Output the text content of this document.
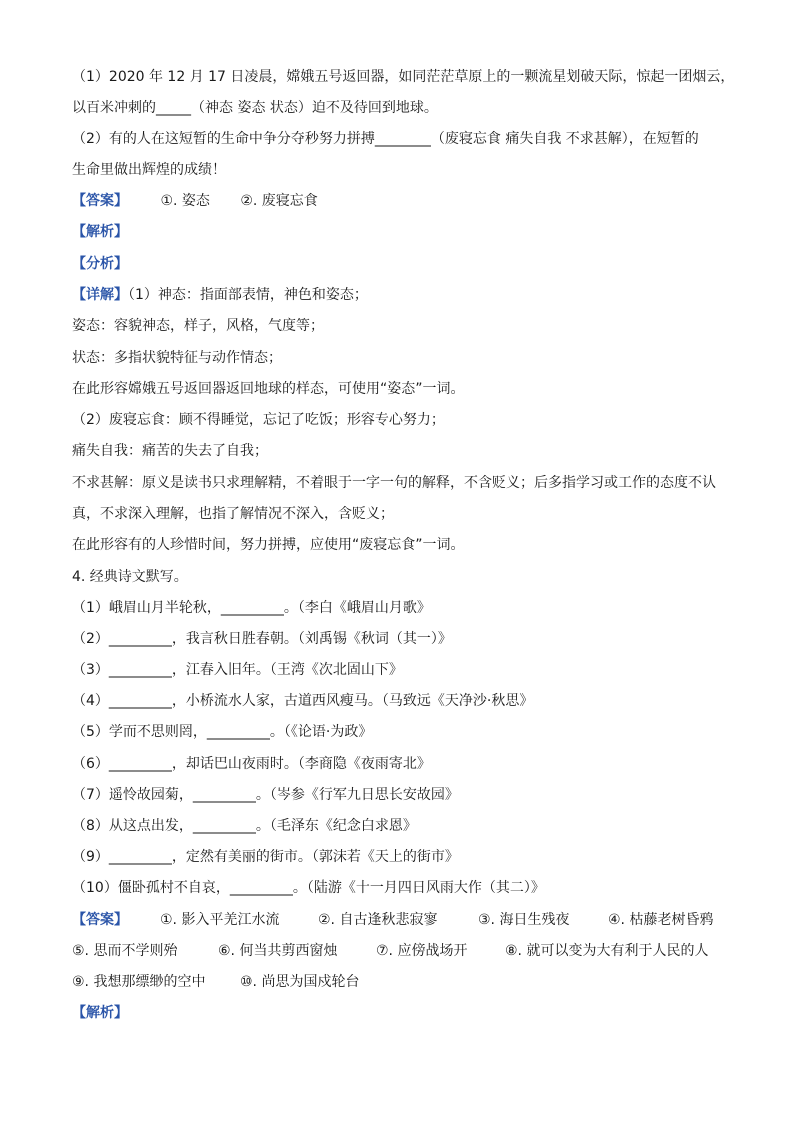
（1）2020 年 12 月 17 日凌晨，嫦娥五号返回器，如同茫茫草原上的一颗流星划破天际，惊起一团烟云，
以百米冲刺的_____（神态 姿态 状态）迫不及待回到地球。
（2）有的人在这短暂的生命中争分夺秒努力拼搏________（废寝忘食 痛失自我 不求甚解），在短暂的
生命里做出辉煌的成绩！
【答案】 ①. 姿态 ②. 废寝忘食
【解析】
【分析】
【详解】（1）神态：指面部表情，神色和姿态；
姿态：容貌神态，样子，风格，气度等；
状态：多指状貌特征与动作情态；
在此形容嫦娥五号返回器返回地球的样态，可使用“姿态”一词。
（2）废寝忘食：顾不得睡觉，忘记了吃饭；形容专心努力；
痛失自我：痛苦的失去了自我；
不求甚解：原义是读书只求理解精，不着眼于一字一句的解释，不含贬义；后多指学习或工作的态度不认
真，不求深入理解，也指了解情况不深入，含贬义；
在此形容有的人珍惜时间，努力拼搏，应使用“废寝忘食”一词。
4. 经典诗文默写。
（1）峨眉山月半轮秋，_________。（李白《峨眉山月歌》
（2）_________，我言秋日胜春朝。（刘禹锡《秋词（其一）》
（3）_________，江春入旧年。（王湾《次北固山下》
（4）_________，小桥流水人家，古道西风瘦马。（马致远《天净沙·秋思》
（5）学而不思则罔，_________。（《论语·为政》
（6）_________，却话巴山夜雨时。（李商隐《夜雨寄北》
（7）遥怜故园菊，_________。（岑参《行军九日思长安故园》
（8）从这点出发，_________。（毛泽东《纪念白求恩》
（9）_________，定然有美丽的街市。（郭沫若《天上的街市》
（10）僵卧孤村不自哀，_________。（陆游《十一月四日风雨大作（其二）》
【答案】 ①. 影入平羌江水流	②. 自古逢秋悲寂寥	③. 海日生残夜	④. 枯藤老树昏鸦
⑤. 思而不学则殆	⑥. 何当共剪西窗烛	⑦. 应傍战场开	⑧. 就可以变为大有利于人民的人
⑨. 我想那缥缈的空中 ⑩. 尚思为国戍轮台
【解析】
